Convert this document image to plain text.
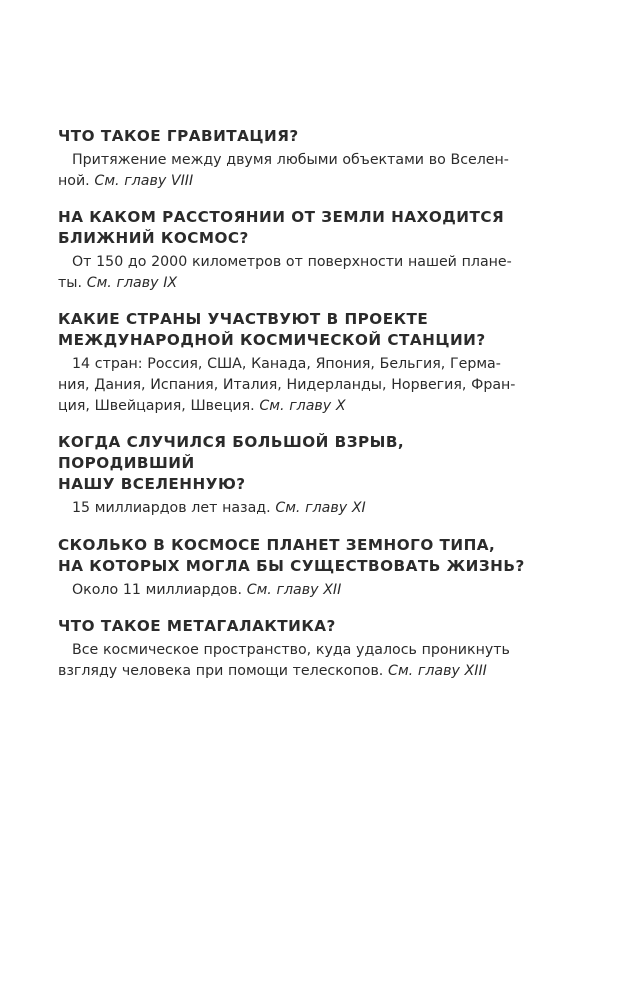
ЧТО ТАКОЕ ГРАВИТАЦИЯ?

Притяжение между двумя любыми объектами во Вселен-
ной. См. главу VIII

НА КАКОМ РАССТОЯНИИ ОТ ЗЕМЛИ НАХОДИТСЯ
БЛИЖНИЙ КОСМОС?

От 150 до 2000 километров от поверхности нашей плане-
ты. См. главу IX

КАКИЕ СТРАНЫ УЧАСТВУЮТ В ПРОЕКТЕ
МЕЖДУНАРОДНОЙ КОСМИЧЕСКОЙ СТАНЦИИ?

14 стран: Россия, США, Канада, Япония, Бельгия, Герма-
ния, Дания, Испания, Италия, Нидерланды, Норвегия, Фран-
ция, Швейцария, Швеция. См. главу X

КОГДА СЛУЧИЛСЯ БОЛЬШОЙ ВЗРЫВ, ПОРОДИВШИЙ
НАШУ ВСЕЛЕННУЮ?

15 миллиардов лет назад. См. главу XI

СКОЛЬКО В КОСМОСЕ ПЛАНЕТ ЗЕМНОГО ТИПА,
НА КОТОРЫХ МОГЛА БЫ СУЩЕСТВОВАТЬ ЖИЗНЬ?

Около 11 миллиардов. См. главу XII

ЧТО ТАКОЕ МЕТАГАЛАКТИКА?

Все космическое пространство, куда удалось проникнуть
взгляду человека при помощи телескопов. См. главу XIII
